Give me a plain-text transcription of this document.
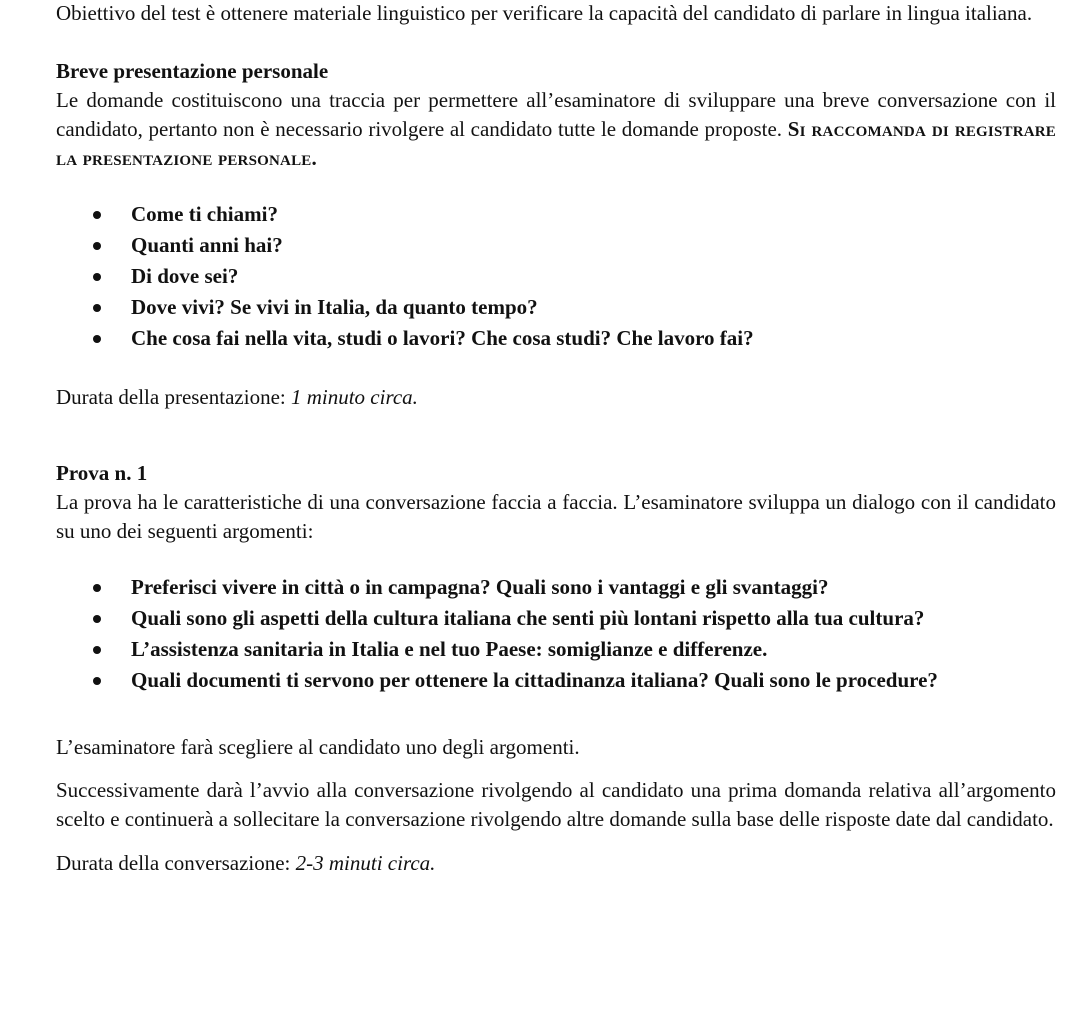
Obiettivo del test è ottenere materiale linguistico per verificare la capacità del candidato di parlare in lingua italiana.

Breve presentazione personale

Le domande costituiscono una traccia per permettere all’esaminatore di sviluppare una breve conversazione con il candidato, pertanto non è necessario rivolgere al candidato tutte le domande proposte. Si raccomanda di registrare la presentazione personale.

Come ti chiami?
Quanti anni hai?
Di dove sei?
Dove vivi? Se vivi in Italia, da quanto tempo?
Che cosa fai nella vita, studi o lavori? Che cosa studi? Che lavoro fai?

Durata della presentazione: 1 minuto circa.

Prova n. 1

La prova ha le caratteristiche di una conversazione faccia a faccia. L’esaminatore sviluppa un dialogo con il candidato su uno dei seguenti argomenti:

Preferisci vivere in città o in campagna? Quali sono i vantaggi e gli svantaggi?
Quali sono gli aspetti della cultura italiana che senti più lontani rispetto alla tua cultura?
L’assistenza sanitaria in Italia e nel tuo Paese: somiglianze e differenze.
Quali documenti ti servono per ottenere la cittadinanza italiana? Quali sono le procedure?

L’esaminatore farà scegliere al candidato uno degli argomenti.

Successivamente darà l’avvio alla conversazione rivolgendo al candidato una prima domanda relativa all’argomento scelto e continuerà a sollecitare la conversazione rivolgendo altre domande sulla base delle risposte date dal candidato.

Durata della conversazione: 2-3 minuti circa.
